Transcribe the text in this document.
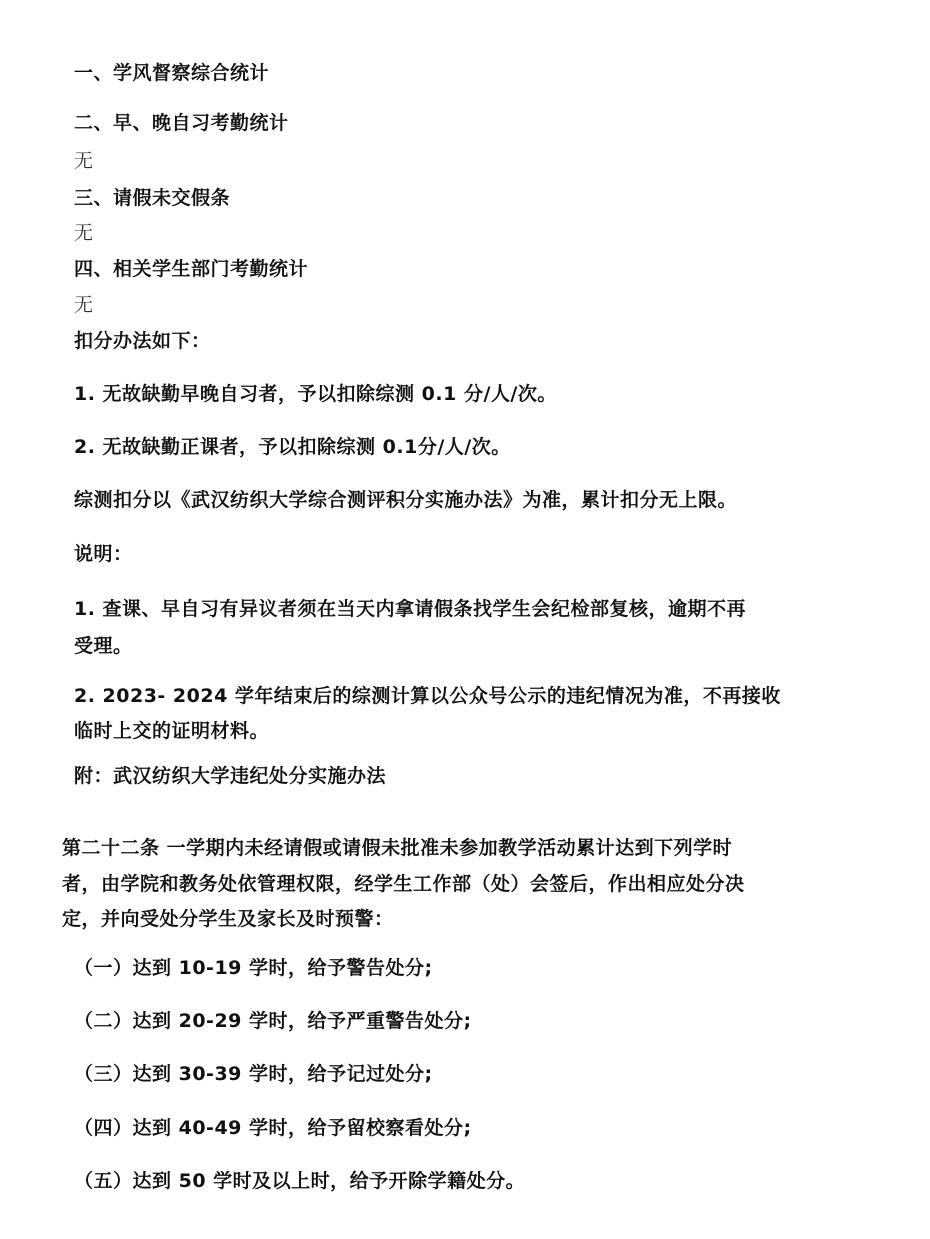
一、学风督察综合统计
二、早、晚自习考勤统计
无
三、请假未交假条
无
四、相关学生部门考勤统计
无
扣分办法如下：
1. 无故缺勤早晚自习者，予以扣除综测 0.1 分/人/次。
2. 无故缺勤正课者，予以扣除综测 0.1分/人/次。
综测扣分以《武汉纺织大学综合测评积分实施办法》为准，累计扣分无上限。
说明：
1. 查课、早自习有异议者须在当天内拿请假条找学生会纪检部复核，逾期不再
受理。
2. 2023- 2024 学年结束后的综测计算以公众号公示的违纪情况为准，不再接收
临时上交的证明材料。
附：武汉纺织大学违纪处分实施办法
第二十二条 一学期内未经请假或请假未批准未参加教学活动累计达到下列学时
者，由学院和教务处依管理权限，经学生工作部（处）会签后，作出相应处分决
定，并向受处分学生及家长及时预警：
（一）达到 10-19 学时，给予警告处分;
（二）达到 20-29 学时，给予严重警告处分;
（三）达到 30-39 学时，给予记过处分;
（四）达到 40-49 学时，给予留校察看处分;
（五）达到 50 学时及以上时，给予开除学籍处分。
